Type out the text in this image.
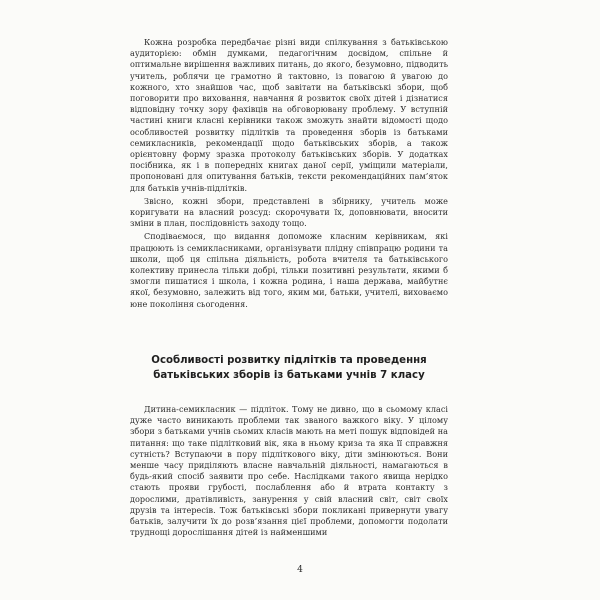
Кожна розробка передбачає різні види спілкування з батьківською аудиторією: обмін думками, педагогічним досвідом, спільне й оптимальне вирішення важливих питань, до якого, безумовно, підводить учитель, роблячи це грамотно й тактовно, із повагою й увагою до кожного, хто знайшов час, щоб завітати на батьківські збори, щоб поговорити про виховання, навчання й розвиток своїх дітей і дізнатися відповідну точку зору фахівців на обговорювану проблему. У вступній частині книги класні керівники також зможуть знайти відомості щодо особливостей розвитку підлітків та проведення зборів із батьками семикласників, рекомендації щодо батьківських зборів, а також орієнтовну форму зразка протоколу батьківських зборів. У додатках посібника, як і в попередніх книгах даної серії, уміщили матеріали, пропоновані для опитування батьків, тексти рекомендаційних пам’яток для батьків учнів-підлітків.

Звісно, кожні збори, представлені в збірнику, учитель може коригувати на власний розсуд: скорочувати їх, доповнювати, вносити зміни в план, послідовність заходу тощо.

Сподіваємося, що видання допоможе класним керівникам, які працюють із семикласниками, організувати плідну співпрацю родини та школи, щоб ця спільна діяльність, робота вчителя та батьківського колективу принесла тільки добрі, тільки позитивні результати, якими б змогли пишатися і школа, і кожна родина, і наша держава, майбутнє якої, безумовно, залежить від того, яким ми, батьки, учителі, виховаємо юне покоління сьогодення.

Особливості розвитку підлітків та проведення батьківських зборів із батьками учнів 7 класу

Дитина-семикласник — підліток. Тому не дивно, що в сьомому класі дуже часто виникають проблеми так званого важкого віку. У цілому збори з батьками учнів сьомих класів мають на меті пошук відповідей на питання: що таке підлітковий вік, яка в ньому криза та яка її справжня сутність? Вступаючи в пору підліткового віку, діти змінюються. Вони менше часу приділяють власне навчальній діяльності, намагаються в будь-який спосіб заявити про себе. Наслідками такого явища нерідко стають прояви грубості, послаблення або й втрата контакту з дорослими, дратівливість, занурення у свій власний світ, світ своїх друзів та інтересів. Тож батьківські збори покликані привернути увагу батьків, залучити їх до розв’язання цієї проблеми, допомогти подолати труднощі дорослішання дітей із найменшими

4
